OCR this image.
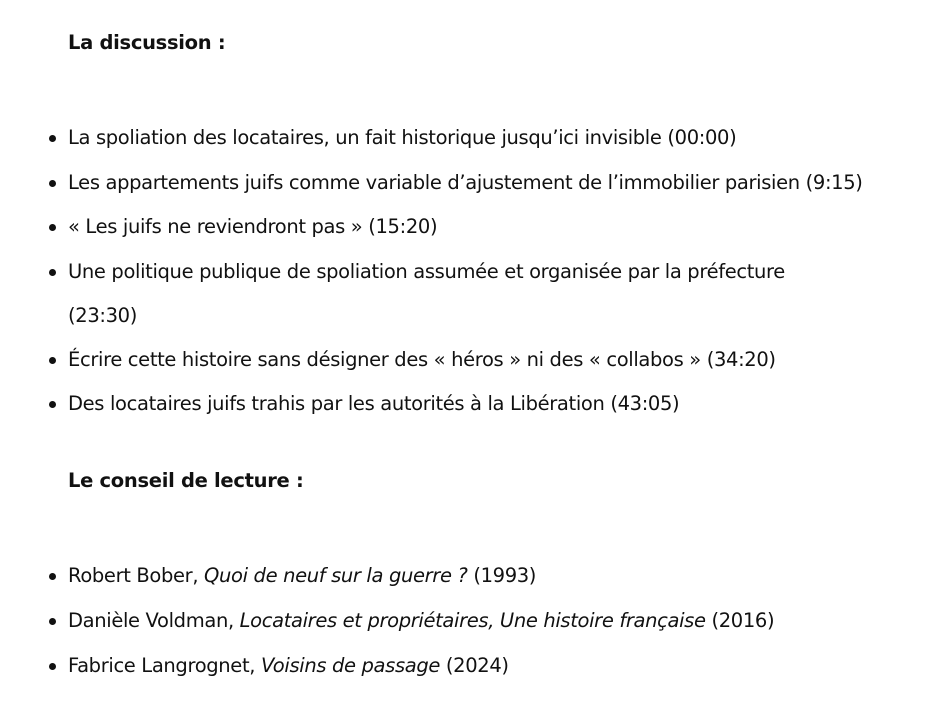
La discussion :
La spoliation des locataires, un fait historique jusqu’ici invisible (00:00)
Les appartements juifs comme variable d’ajustement de l’immobilier parisien (9:15)
« Les juifs ne reviendront pas » (15:20)
Une politique publique de spoliation assumée et organisée par la préfecture
(23:30)
Écrire cette histoire sans désigner des « héros » ni des « collabos » (34:20)
Des locataires juifs trahis par les autorités à la Libération (43:05)
Le conseil de lecture :
Robert Bober, Quoi de neuf sur la guerre ? (1993)
Danièle Voldman, Locataires et propriétaires, Une histoire française (2016)
Fabrice Langrognet, Voisins de passage (2024)
